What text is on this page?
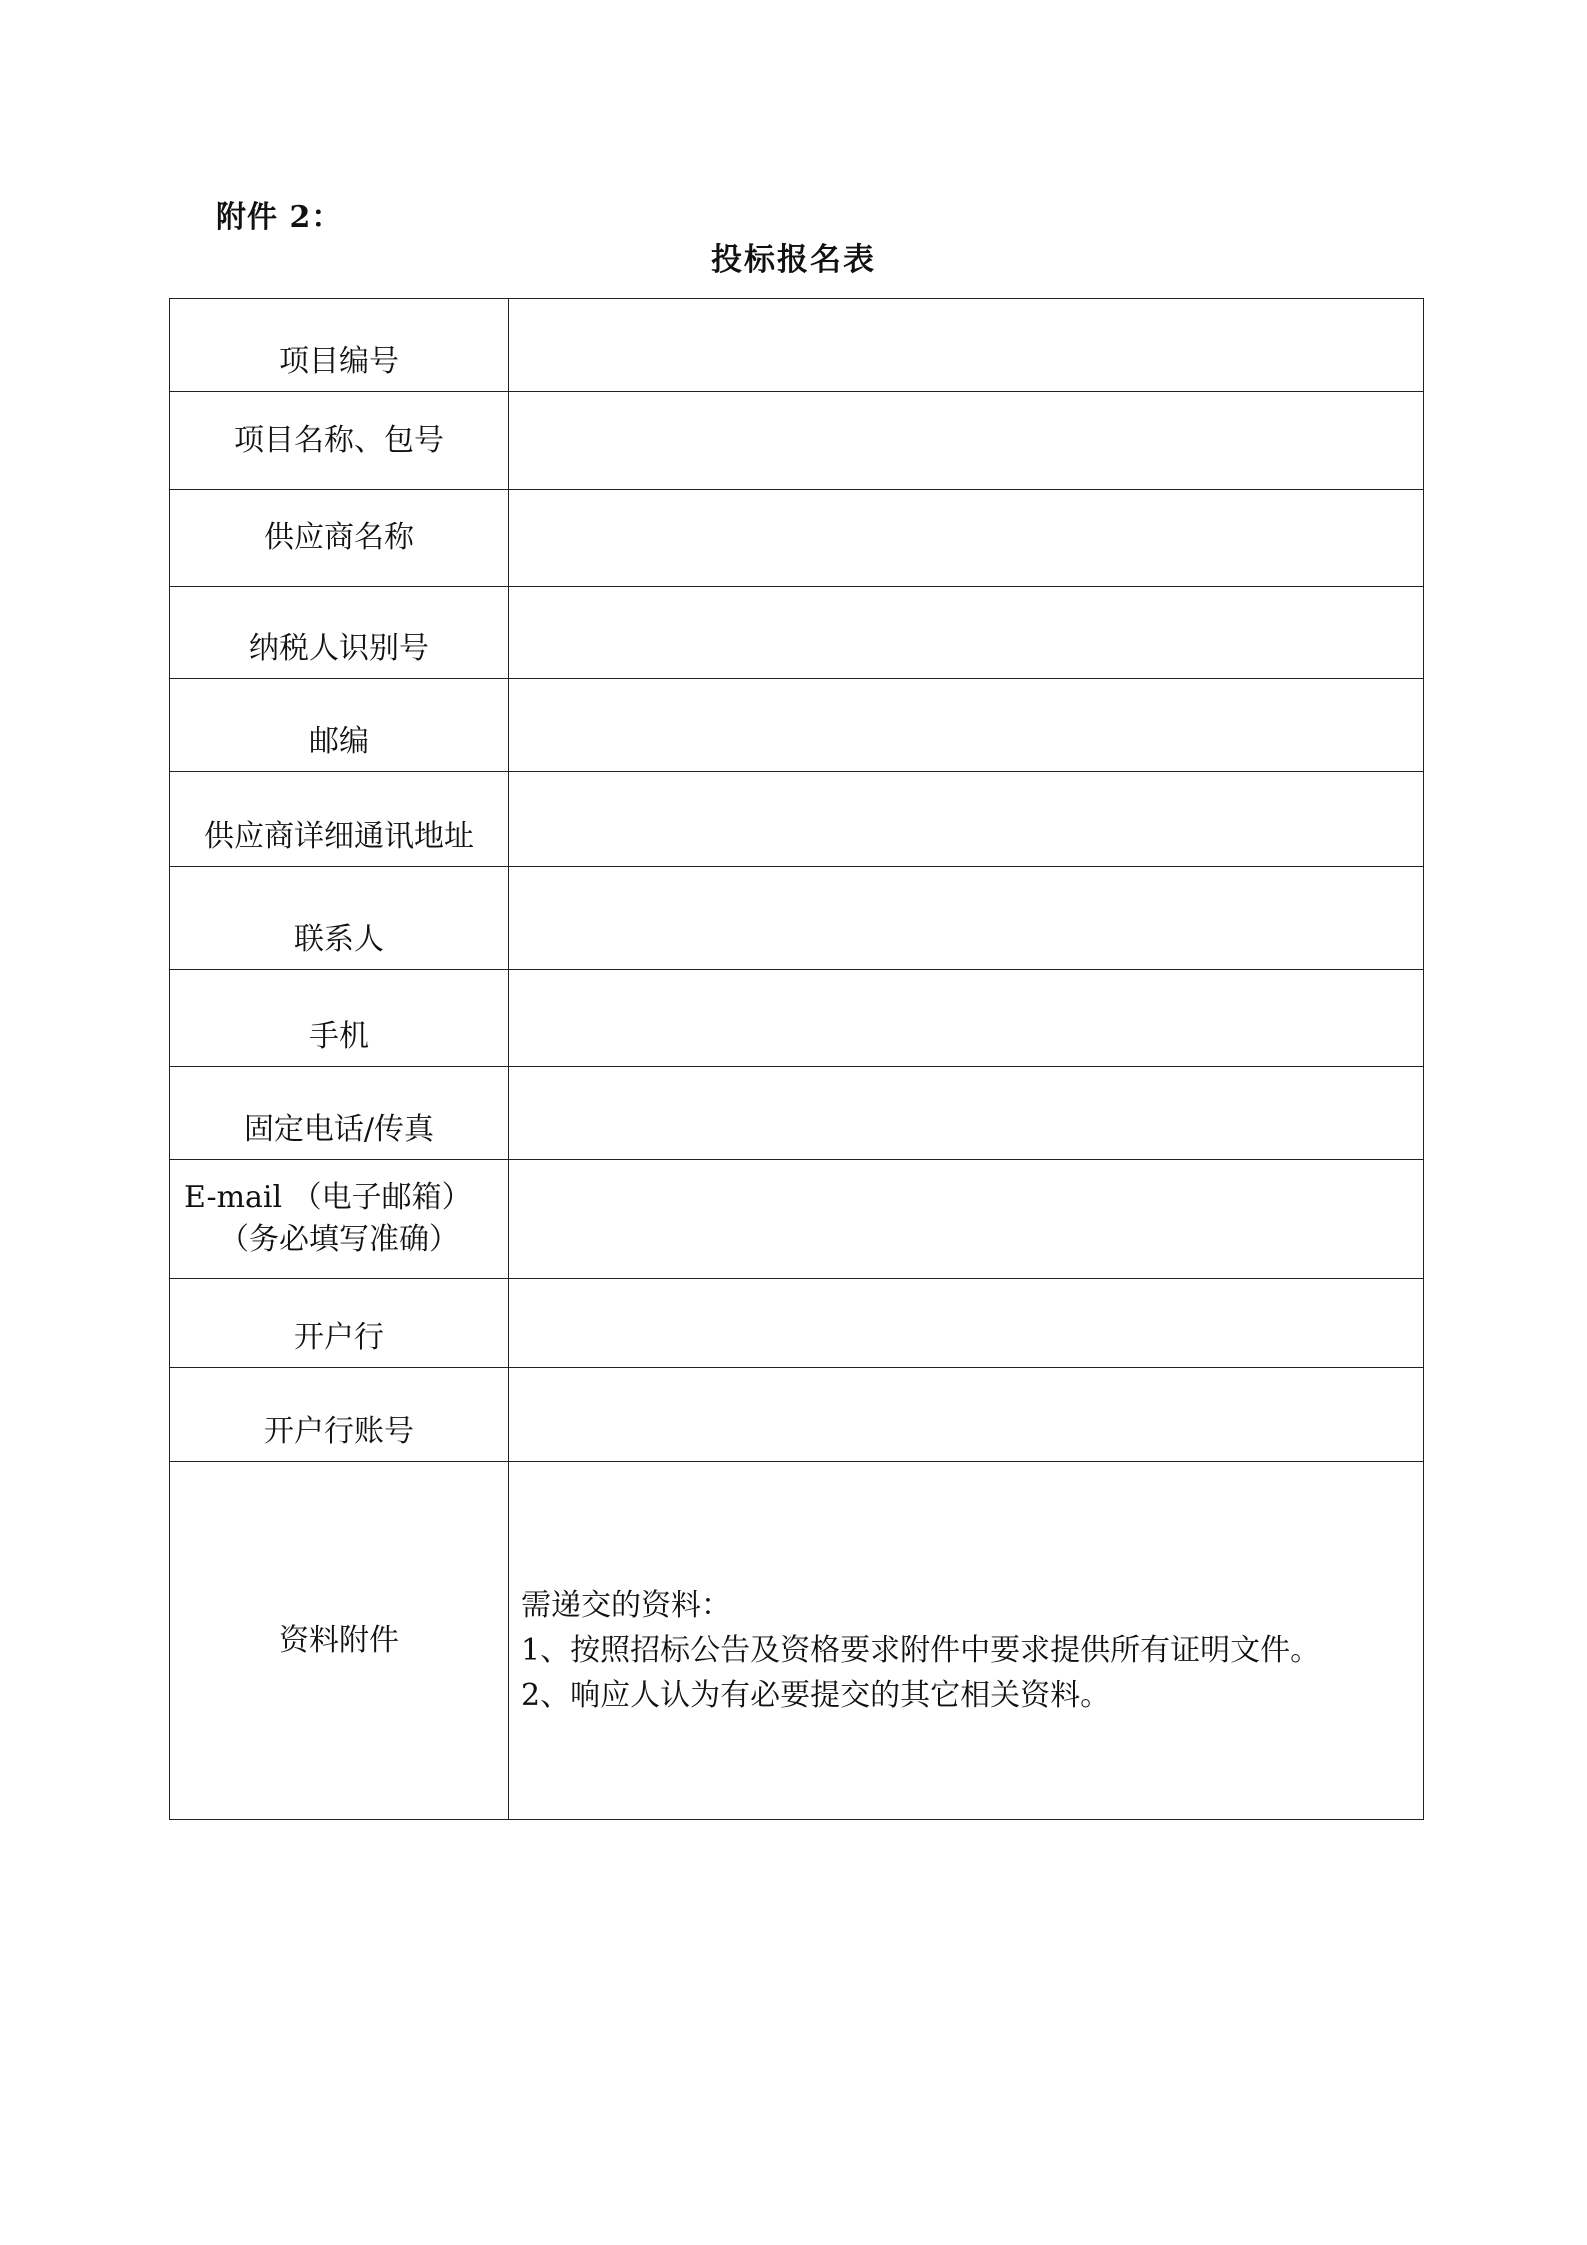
附件 2：
投标报名表
项目编号	
项目名称、包号	
供应商名称	
纳税人识别号	
邮编	
供应商详细通讯地址	
联系人	
手机	
固定电话/传真	

E-mail （电子邮箱）
（务必填写准确）	

开户行	
开户行账号	
资料附件	需递交的资料：
1、按照招标公告及资格要求附件中要求提供所有证明文件。
2、响应人认为有必要提交的其它相关资料。
